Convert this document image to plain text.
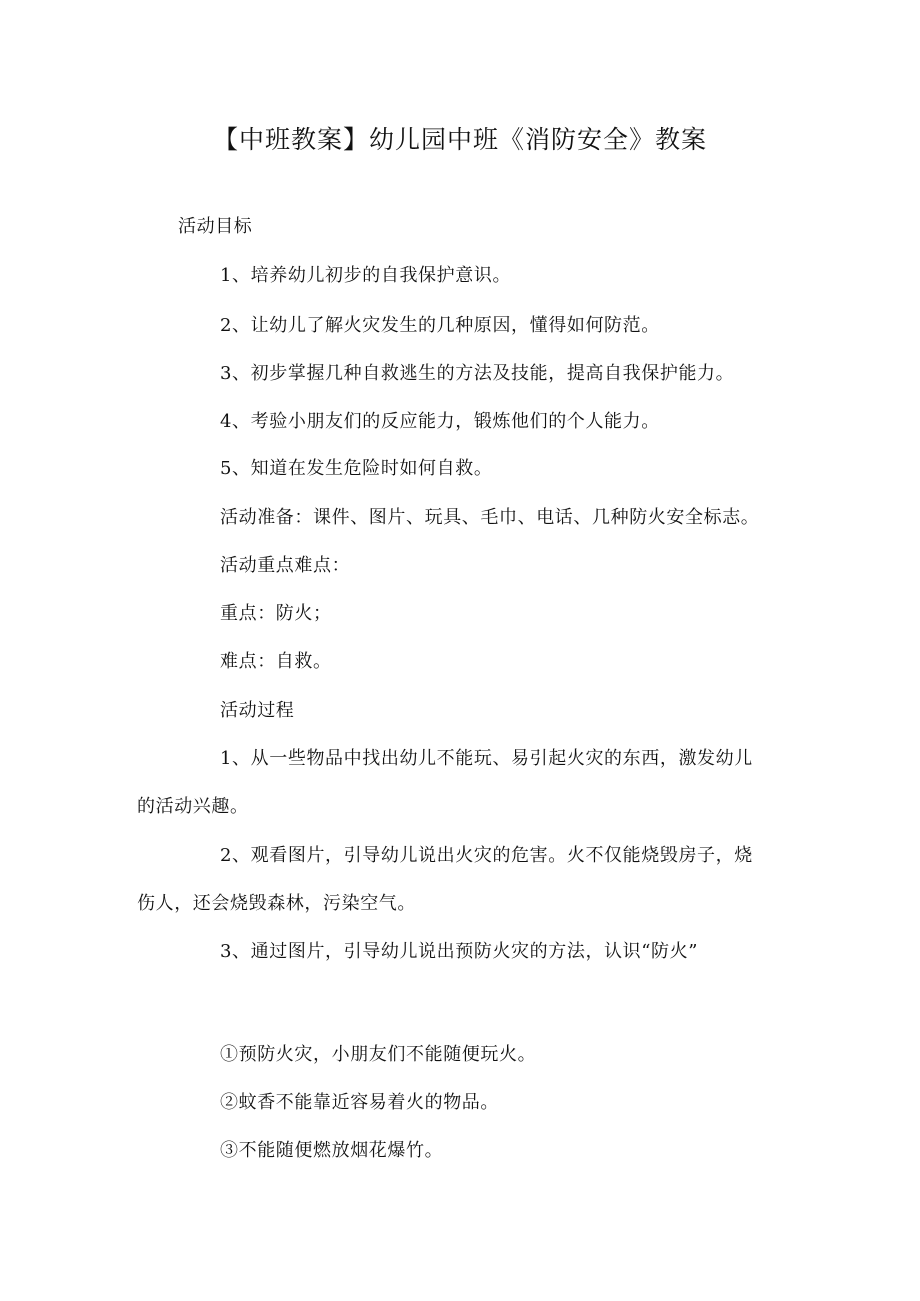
【中班教案】幼儿园中班《消防安全》教案
活动目标
1、培养幼儿初步的自我保护意识。
2、让幼儿了解火灾发生的几种原因，懂得如何防范。
3、初步掌握几种自救逃生的方法及技能，提高自我保护能力。
4、考验小朋友们的反应能力，锻炼他们的个人能力。
5、知道在发生危险时如何自救。
活动准备：课件、图片、玩具、毛巾、电话、几种防火安全标志。
活动重点难点：
重点：防火；
难点：自救。
活动过程
1、从一些物品中找出幼儿不能玩、易引起火灾的东西，激发幼儿
的活动兴趣。
2、观看图片，引导幼儿说出火灾的危害。火不仅能烧毁房子，烧
伤人，还会烧毁森林，污染空气。
3、通过图片，引导幼儿说出预防火灾的方法，认识“防火”
①预防火灾，小朋友们不能随便玩火。
②蚊香不能靠近容易着火的物品。
③不能随便燃放烟花爆竹。
